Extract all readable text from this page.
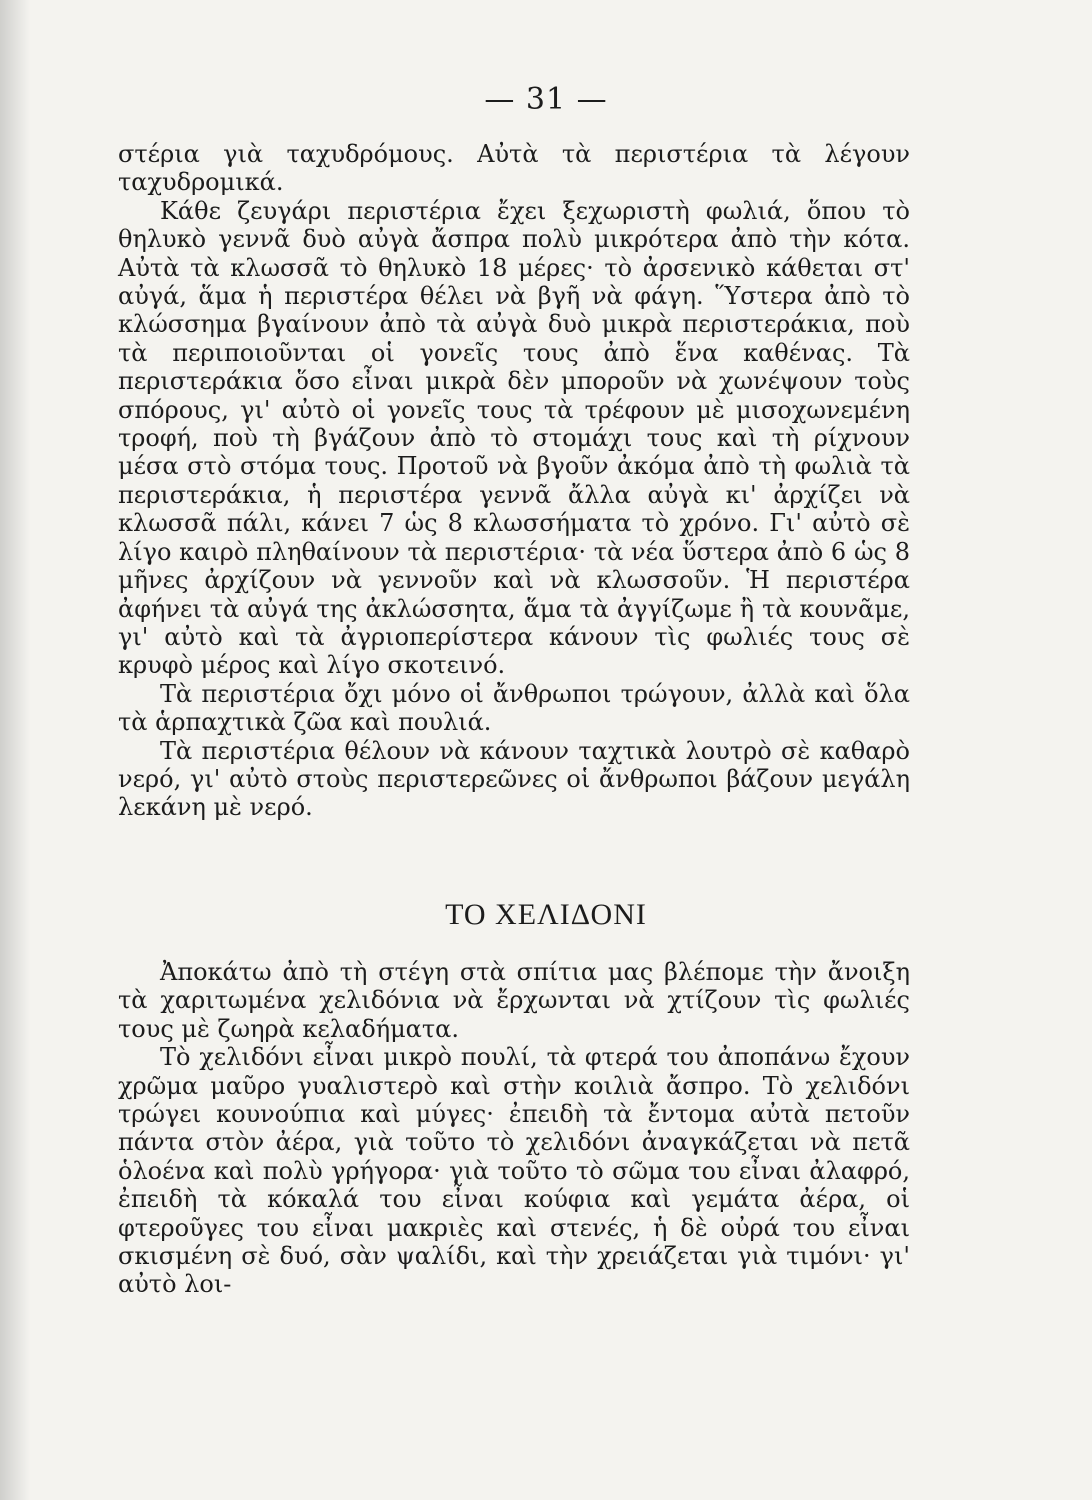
— 31 —

στέρια γιὰ ταχυδρόμους. Αὐτὰ τὰ περιστέρια τὰ λέγουν ταχυδρομικά.

Κάθε ζευγάρι περιστέρια ἔχει ξεχωριστὴ φωλιά, ὅπου τὸ θηλυκὸ γεννᾶ δυὸ αὐγὰ ἄσπρα πολὺ μικρότερα ἀπὸ τὴν κότα. Αὐτὰ τὰ κλωσσᾶ τὸ θηλυκὸ 18 μέρες· τὸ ἀρσενικὸ κάθεται στ' αὐγά, ἅμα ἡ περιστέρα θέλει νὰ βγῆ νὰ φάγη. Ὕστερα ἀπὸ τὸ κλώσσημα βγαίνουν ἀπὸ τὰ αὐγὰ δυὸ μικρὰ περιστεράκια, ποὺ τὰ περιποιοῦνται οἱ γονεῖς τους ἀπὸ ἕνα καθένας. Τὰ περιστεράκια ὅσο εἶναι μικρὰ δὲν μποροῦν νὰ χωνέψουν τοὺς σπόρους, γι' αὐτὸ οἱ γονεῖς τους τὰ τρέφουν μὲ μισοχωνεμένη τροφή, ποὺ τὴ βγάζουν ἀπὸ τὸ στομάχι τους καὶ τὴ ρίχνουν μέσα στὸ στόμα τους. Προτοῦ νὰ βγοῦν ἀκόμα ἀπὸ τὴ φωλιὰ τὰ περιστεράκια, ἡ περιστέρα γεννᾶ ἄλλα αὐγὰ κι' ἀρχίζει νὰ κλωσσᾶ πάλι, κάνει 7 ὡς 8 κλωσσήματα τὸ χρόνο. Γι' αὐτὸ σὲ λίγο καιρὸ πληθαίνουν τὰ περιστέρια· τὰ νέα ὕστερα ἀπὸ 6 ὡς 8 μῆνες ἀρχίζουν νὰ γεννοῦν καὶ νὰ κλωσσοῦν. Ἡ περιστέρα ἀφήνει τὰ αὐγά της ἀκλώσσητα, ἅμα τὰ ἀγγίζωμε ἢ τὰ κουνᾶμε, γι' αὐτὸ καὶ τὰ ἀγριοπερίστερα κάνουν τὶς φωλιές τους σὲ κρυφὸ μέρος καὶ λίγο σκοτεινό.

Τὰ περιστέρια ὄχι μόνο οἱ ἄνθρωποι τρώγουν, ἀλλὰ καὶ ὅλα τὰ ἁρπαχτικὰ ζῶα καὶ πουλιά.

Τὰ περιστέρια θέλουν νὰ κάνουν ταχτικὰ λουτρὸ σὲ καθαρὸ νερό, γι' αὐτὸ στοὺς περιστερεῶνες οἱ ἄνθρωποι βάζουν μεγάλη λεκάνη μὲ νερό.

ΤΟ ΧΕΛΙΔΟΝΙ

Ἀποκάτω ἀπὸ τὴ στέγη στὰ σπίτια μας βλέπομε τὴν ἄνοιξη τὰ χαριτωμένα χελιδόνια νὰ ἔρχωνται νὰ χτίζουν τὶς φωλιές τους μὲ ζωηρὰ κελαδήματα.

Τὸ χελιδόνι εἶναι μικρὸ πουλί, τὰ φτερά του ἀποπάνω ἔχουν χρῶμα μαῦρο γυαλιστερὸ καὶ στὴν κοιλιὰ ἄσπρο. Τὸ χελιδόνι τρώγει κουνούπια καὶ μύγες· ἐπειδὴ τὰ ἔντομα αὐτὰ πετοῦν πάντα στὸν ἀέρα, γιὰ τοῦτο τὸ χελιδόνι ἀναγκάζεται νὰ πετᾶ ὁλοένα καὶ πολὺ γρήγορα· γιὰ τοῦτο τὸ σῶμα του εἶναι ἀλαφρό, ἐπειδὴ τὰ κόκαλά του εἶναι κούφια καὶ γεμάτα ἀέρα, οἱ φτεροῦγες του εἶναι μακριὲς καὶ στενές, ἡ δὲ οὐρά του εἶναι σκισμένη σὲ δυό, σὰν ψαλίδι, καὶ τὴν χρειάζεται γιὰ τιμόνι· γι' αὐτὸ λοι-
